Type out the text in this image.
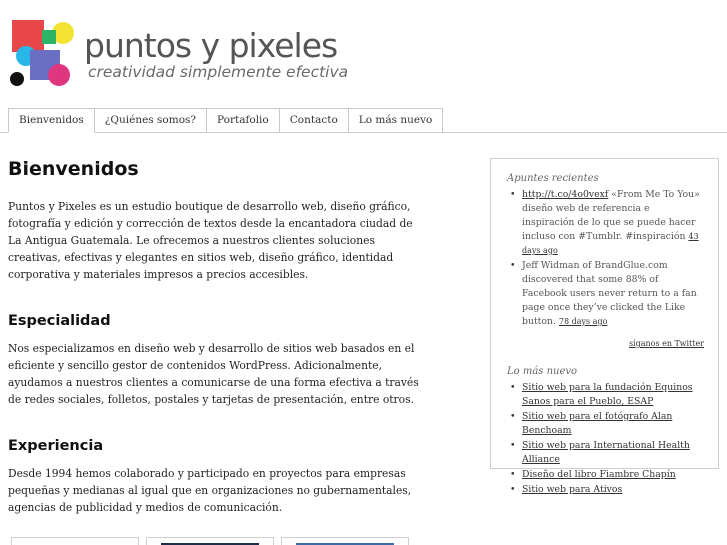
puntos y pixeles
creatividad simplemente efectiva
Bienvenidos	¿Quiénes somos?	Portafolio	Contacto	Lo más nuevo
Bienvenidos

Puntos y Pixeles es un estudio boutique de desarrollo web, diseño gráfico, fotografía y edición y corrección de textos desde la encantadora ciudad de La Antigua Guatemala. Le ofrecemos a nuestros clientes soluciones creativas, efectivas y elegantes en sitios web, diseño gráfico, identidad corporativa y materiales impresos a precios accesibles.

Especialidad

Nos especializamos en diseño web y desarrollo de sitios web basados en el eficiente y sencillo gestor de contenidos WordPress. Adicionalmente, ayudamos a nuestros clientes a comunicarse de una forma efectiva a través de redes sociales, folletos, postales y tarjetas de presentación, entre otros.

Experiencia

Desde 1994 hemos colaborado y participado en proyectos para empresas pequeñas y medianas al igual que en organizaciones no gubernamentales, agencias de publicidad y medios de comunicación.

Apuntes recientes
• http://t.co/4o0vexf «From Me To You» diseño web de referencia e inspiración de lo que se puede hacer incluso con #Tumblr. #inspiración 43 days ago
• Jeff Widman of BrandGlue.com discovered that some 88% of Facebook users never return to a fan page once they’ve clicked the Like button. 78 days ago
síganos en Twitter
Lo más nuevo
• Sitio web para la fundación Equinos Sanos para el Pueblo, ESAP
• Sitio web para el fotógrafo Alan Benchoam
• Sitio web para International Health Alliance
• Diseño del libro Fiambre Chapín
• Sitio web para Ativos
